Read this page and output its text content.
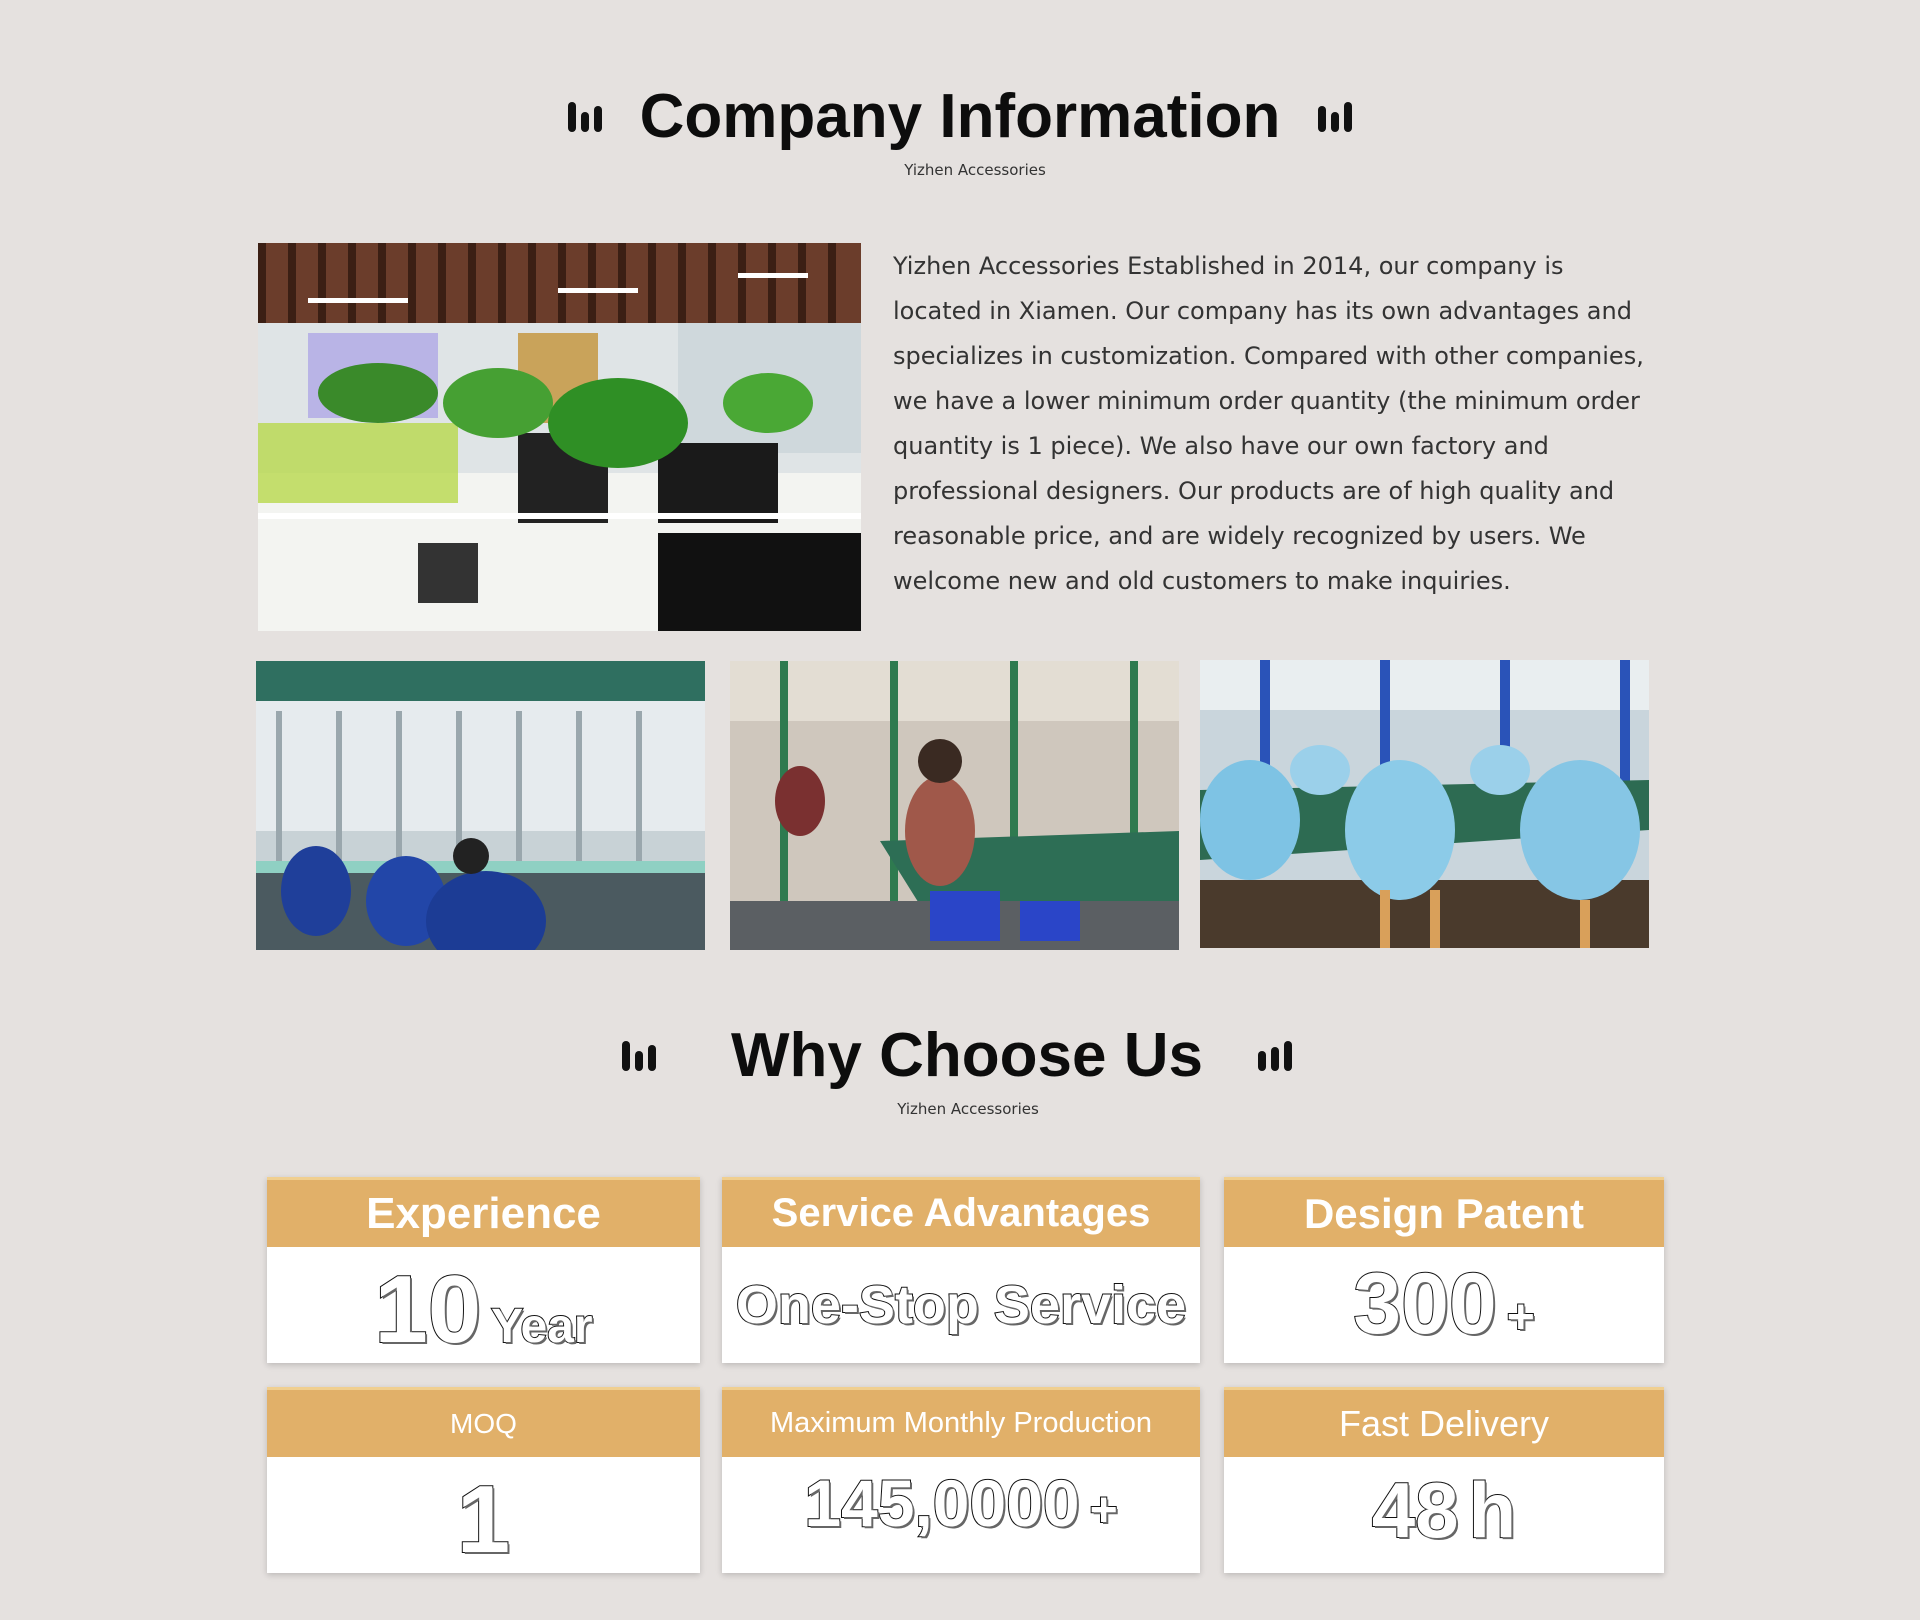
Company Information
Yizhen Accessories

Yizhen Accessories Established in 2014, our company is located in Xiamen. Our company has its own advantages and specializes in customization. Compared with other companies, we have a lower minimum order quantity (the minimum order quantity is 1 piece). We also have our own factory and professional designers. Our products are of high quality and reasonable price, and are widely recognized by users. We welcome new and old customers to make inquiries.

Why Choose Us
Yizhen Accessories
Experience
10 Year
Service Advantages
One-Stop Service
Design Patent
300 +
MOQ
1
Maximum Monthly Production
145,0000 +
Fast Delivery
48 h
